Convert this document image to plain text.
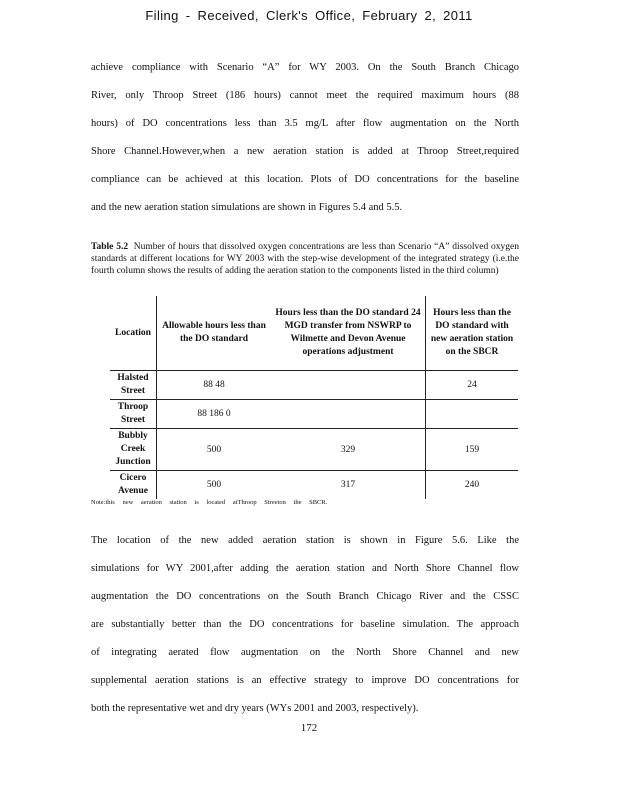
Filing - Received, Clerk's Office, February 2, 2011
achieve compliance with Scenario “A” for WY 2003. On the South Branch Chicago
River, only Throop Street (186 hours) cannot meet the required maximum hours (88
hours) of DO concentrations less than 3.5 mg/L after flow augmentation on the North
Shore Channel.However,when a new aeration station is added at Throop Street,required
compliance can be achieved at this location. Plots of DO concentrations for the baseline
and the new aeration station simulations are shown in Figures 5.4 and 5.5.

Table 5.2 Number of hours that dissolved oxygen concentrations are less than Scenario “A” dissolved oxygen standards at different locations for WY 2003 with the step-wise development of the integrated strategy (i.e.the fourth column shows the results of adding the aeration station to the components listed in the third column)

Location	Allowable hours less than the DO standard	Hours less than the DO standard 24 MGD transfer from NSWRP to Wilmette and Devon Avenue operations adjustment	Hours less than the DO standard with new aeration station on the SBCR
Halsted Street	88 48		24
Throop Street	88 186 0		
Bubbly Creek Junction	500	329	159
Cicero Avenue	500	317	240
Note:this new aeration station is located atThroop Streeton the SBCR.
The location of the new added aeration station is shown in Figure 5.6. Like the
simulations for WY 2001,after adding the aeration station and North Shore Channel flow
augmentation the DO concentrations on the South Branch Chicago River and the CSSC
are substantially better than the DO concentrations for baseline simulation. The approach
of integrating aerated flow augmentation on the North Shore Channel and new
supplemental aeration stations is an effective strategy to improve DO concentrations for
both the representative wet and dry years (WYs 2001 and 2003, respectively).
172
